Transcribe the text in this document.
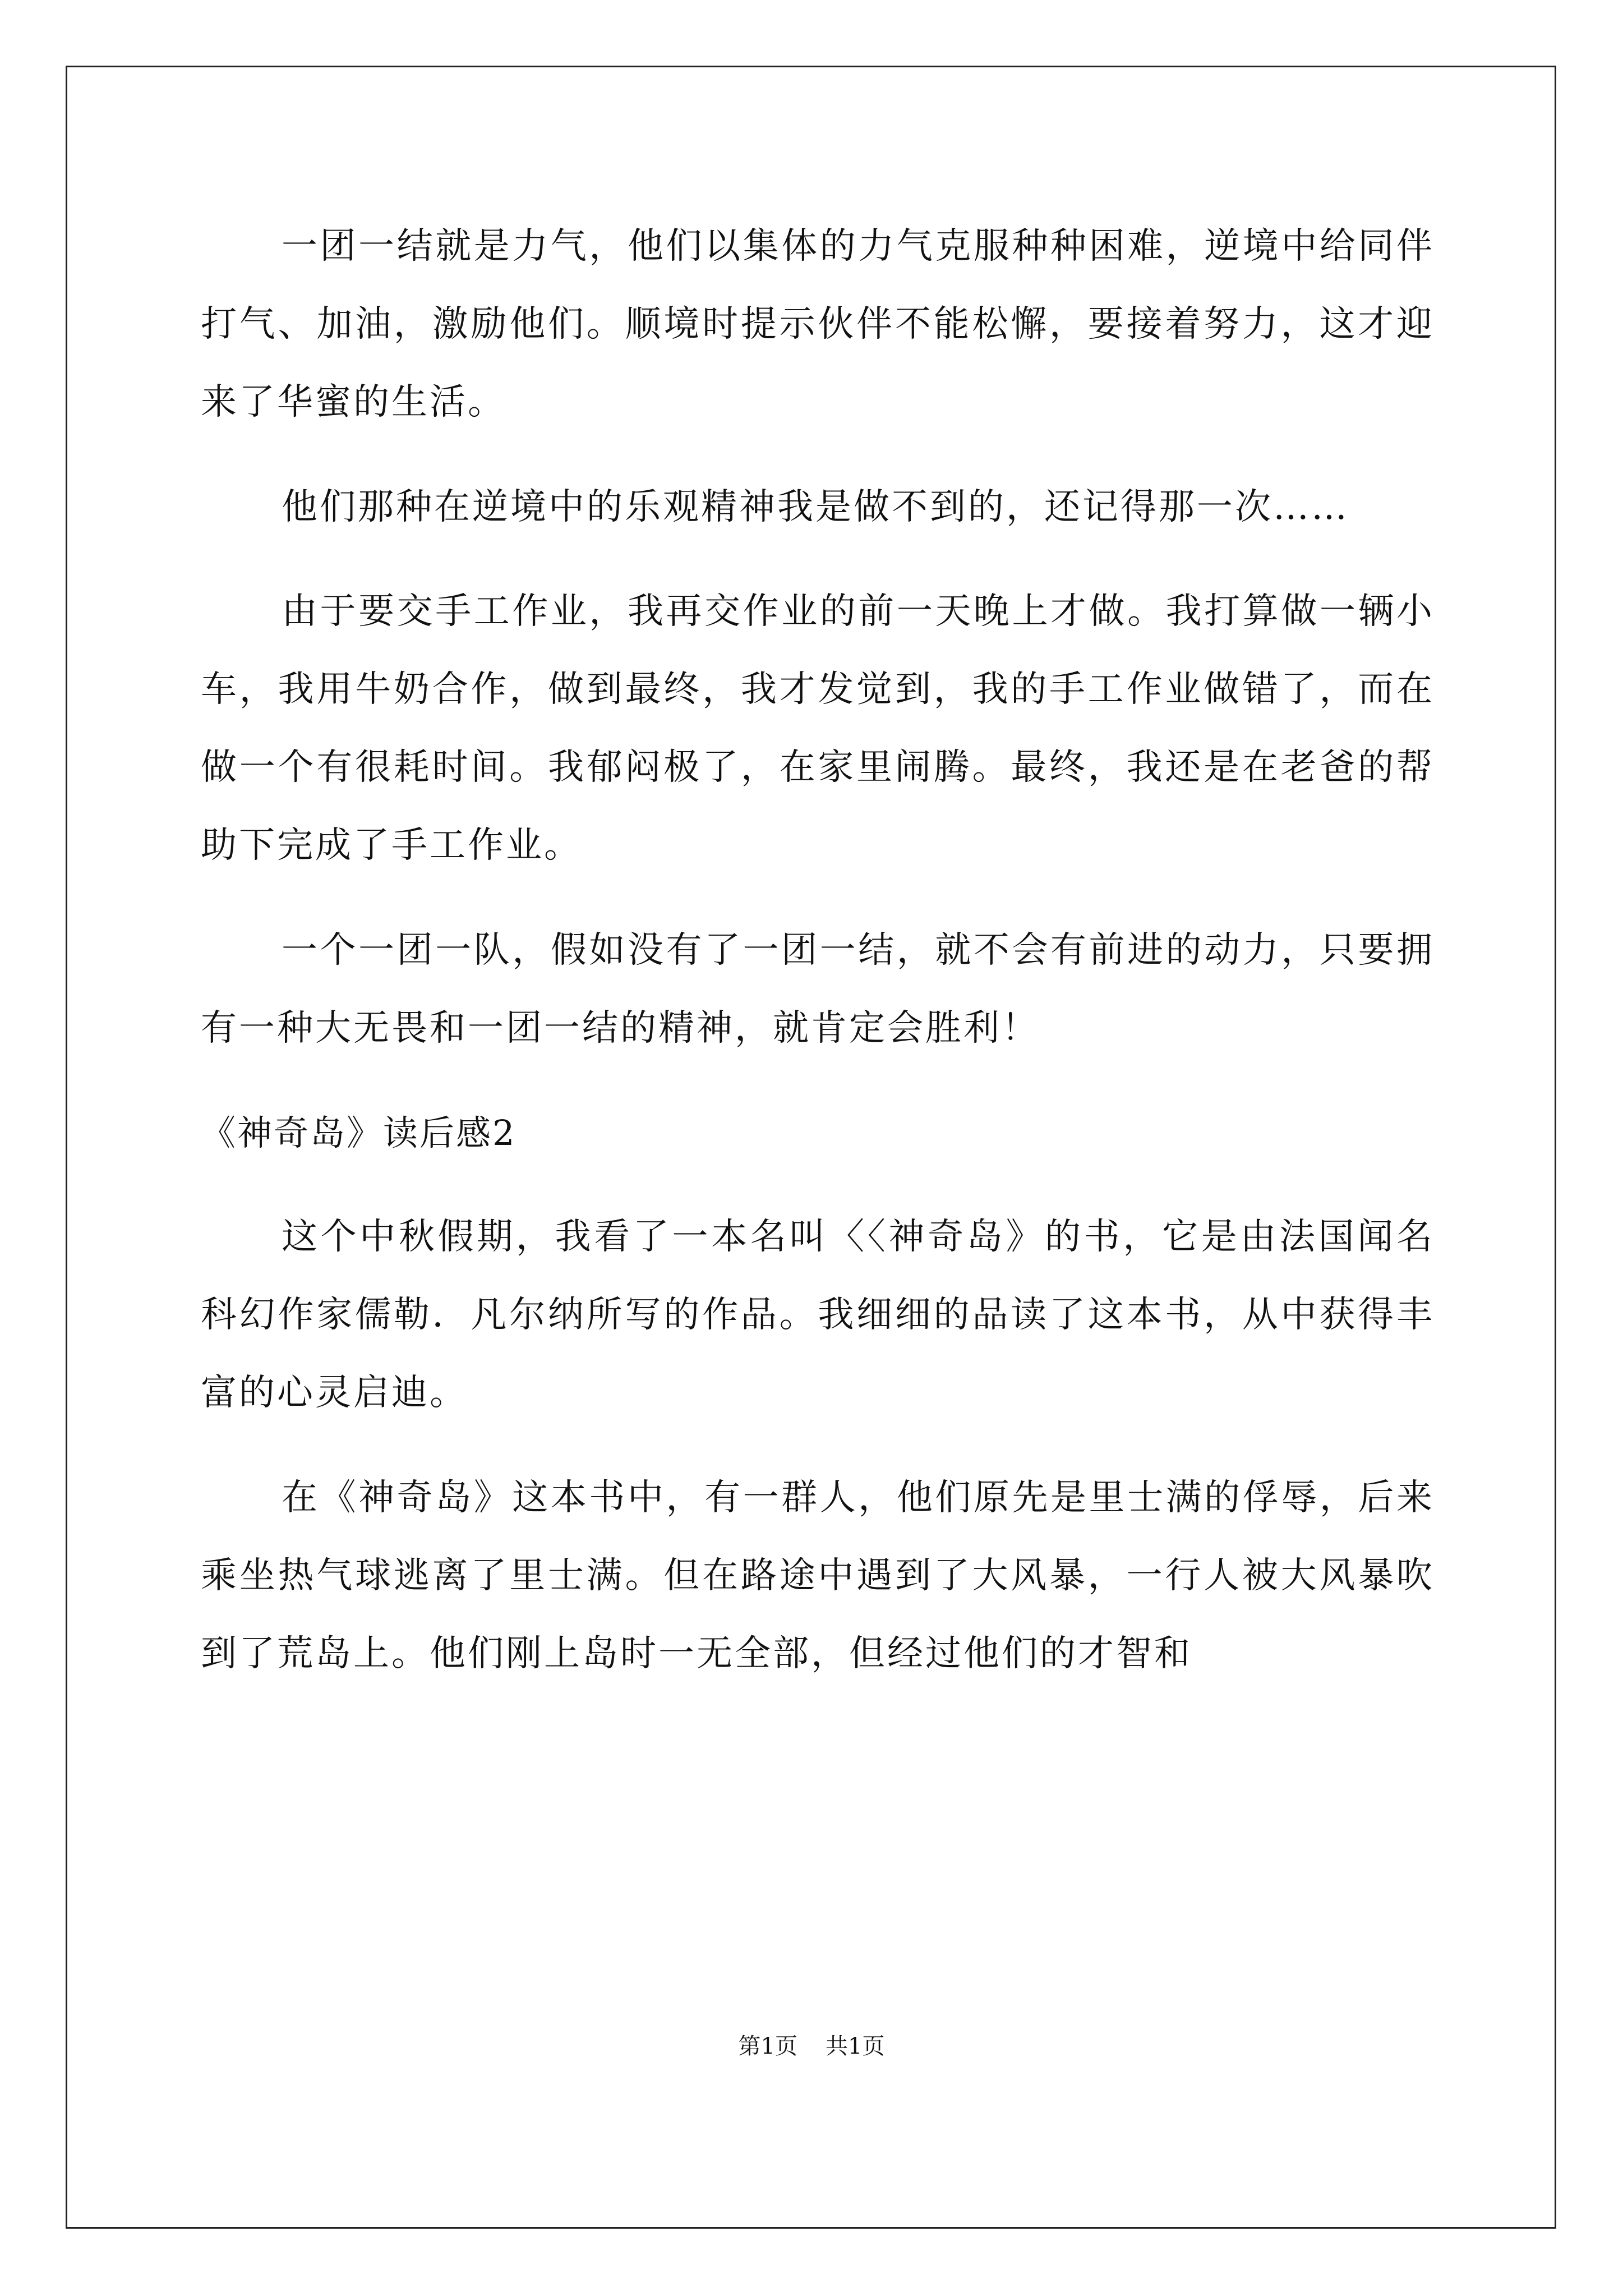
一团一结就是力气，他们以集体的力气克服种种困难，逆境中给同伴打气、加油，激励他们。顺境时提示伙伴不能松懈，要接着努力，这才迎来了华蜜的生活。

他们那种在逆境中的乐观精神我是做不到的，还记得那一次……

由于要交手工作业，我再交作业的前一天晚上才做。我打算做一辆小车，我用牛奶合作，做到最终，我才发觉到，我的手工作业做错了，而在做一个有很耗时间。我郁闷极了，在家里闹腾。最终，我还是在老爸的帮助下完成了手工作业。

一个一团一队，假如没有了一团一结，就不会有前进的动力，只要拥有一种大无畏和一团一结的精神，就肯定会胜利！

《神奇岛》读后感2

这个中秋假期，我看了一本名叫〈〈神奇岛》的书，它是由法国闻名科幻作家儒勒．凡尔纳所写的作品。我细细的品读了这本书，从中获得丰富的心灵启迪。

在《神奇岛》这本书中，有一群人，他们原先是里士满的俘辱，后来乘坐热气球逃离了里士满。但在路途中遇到了大风暴，一行人被大风暴吹到了荒岛上。他们刚上岛时一无全部，但经过他们的才智和

第1页 共1页
